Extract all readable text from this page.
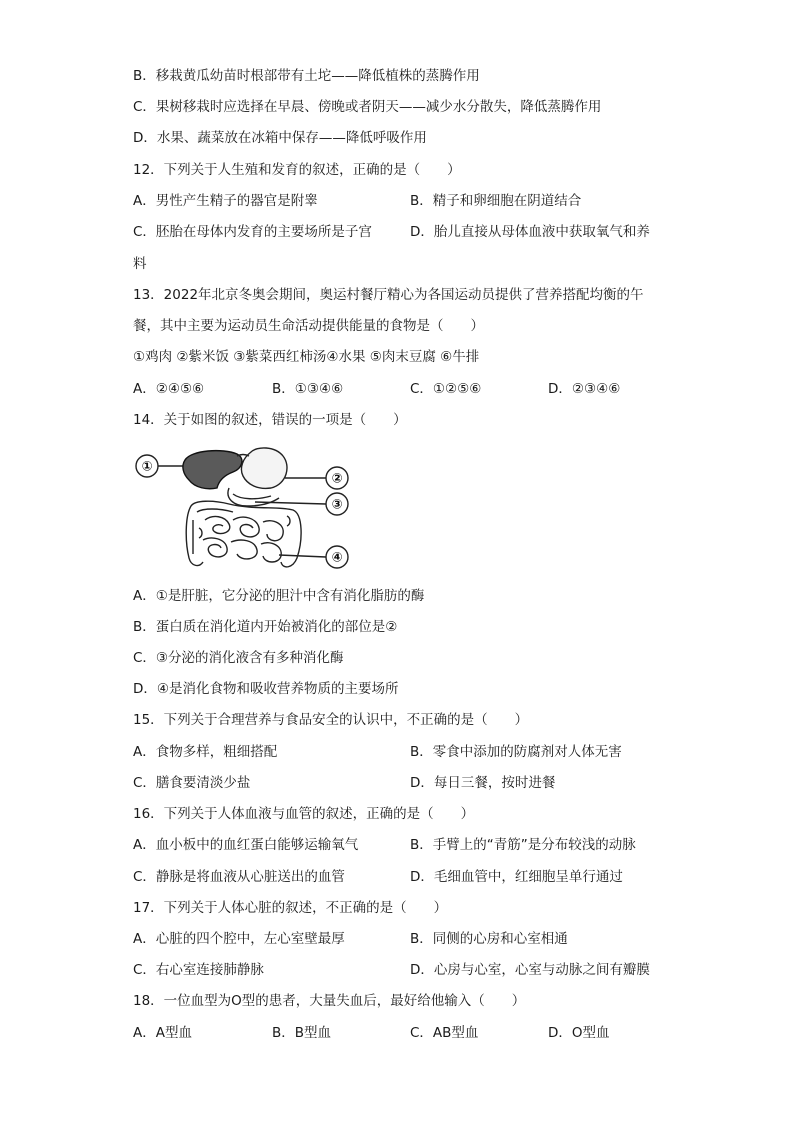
B．移栽黄瓜幼苗时根部带有土坨——降低植株的蒸腾作用
C．果树移栽时应选择在早晨、傍晚或者阴天——减少水分散失，降低蒸腾作用
D．水果、蔬菜放在冰箱中保存——降低呼吸作用
12．下列关于人生殖和发育的叙述，正确的是（　　）
A．男性产生精子的器官是附睾	B．精子和卵细胞在阴道结合
C．胚胎在母体内发育的主要场所是子宫	D．胎儿直接从母体血液中获取氧气和养
料
13．2022年北京冬奥会期间，奥运村餐厅精心为各国运动员提供了营养搭配均衡的午
餐，其中主要为运动员生命活动提供能量的食物是（　　）
①鸡肉 ②紫米饭 ③紫菜西红柿汤④水果 ⑤肉末豆腐 ⑥牛排
A．②④⑤⑥	B．①③④⑥	C．①②⑤⑥	D．②③④⑥
14．关于如图的叙述，错误的一项是（　　）
①
②
③
④
A．①是肝脏，它分泌的胆汁中含有消化脂肪的酶
B．蛋白质在消化道内开始被消化的部位是②
C．③分泌的消化液含有多种消化酶
D．④是消化食物和吸收营养物质的主要场所
15．下列关于合理营养与食品安全的认识中，不正确的是（　　）
A．食物多样，粗细搭配	B．零食中添加的防腐剂对人体无害
C．膳食要清淡少盐	D．每日三餐，按时进餐
16．下列关于人体血液与血管的叙述，正确的是（　　）
A．血小板中的血红蛋白能够运输氧气	B．手臂上的“青筋”是分布较浅的动脉
C．静脉是将血液从心脏送出的血管	D．毛细血管中，红细胞呈单行通过
17．下列关于人体心脏的叙述，不正确的是（　　）
A．心脏的四个腔中，左心室壁最厚	B．同侧的心房和心室相通
C．右心室连接肺静脉	D．心房与心室，心室与动脉之间有瓣膜
18．一位血型为O型的患者，大量失血后，最好给他输入（　　）
A．A型血	B．B型血	C．AB型血	D．O型血
